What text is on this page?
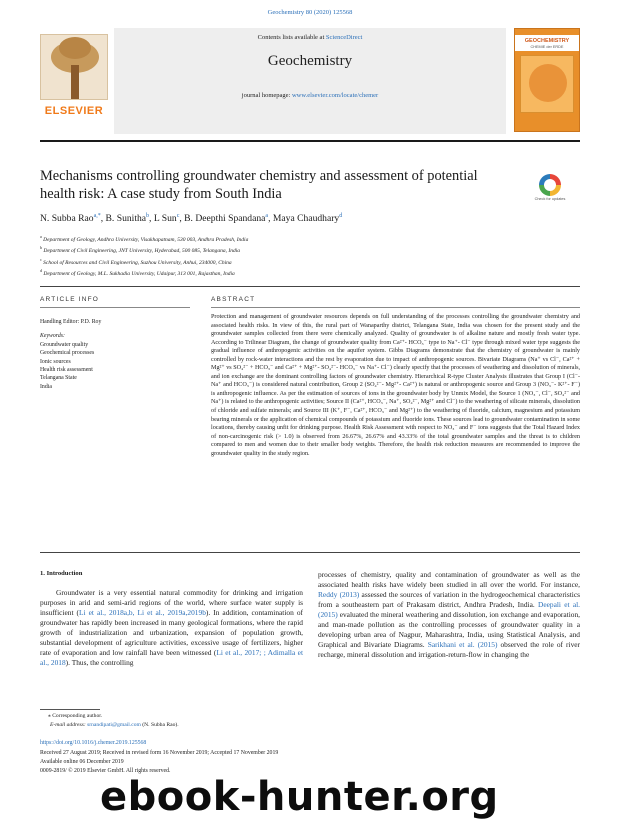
Geochemistry 80 (2020) 125568
ELSEVIER
Contents lists available at ScienceDirect
Geochemistry
journal homepage: www.elsevier.com/locate/chemer
GEOCHEMISTRY
CHEMIE der ERDE
Mechanisms controlling groundwater chemistry and assessment of potential health risk: A case study from South India	Check for updates
N. Subba Rao$^{a,*}$, B. Sunitha$^b$, L Sun$^c$, B. Deepthi Spandana$^a$, Maya Chaudhary$^d$
$^a$ Department of Geology, Andhra University, Visakhapatnam, 530 003, Andhra Pradesh, India
$^b$ Department of Civil Engineering, JNT University, Hyderabad, 500 085, Telangana, India
$^c$ School of Resources and Civil Engineering, Suzhou University, Anhui, 234000, China
$^d$ Department of Geology, M.L. Sukhadia University, Udaipur, 313 001, Rajasthan, India
ARTICLE INFO	ABSTRACT
Handling Editor: P.D. Roy
Keywords:
Groundwater quality
Geochemical processes
Ionic sources
Health risk assessment
Telangana State
India
Protection and management of groundwater resources depends on full understanding of the processes controlling the groundwater chemistry and associated health risks. In view of this, the rural part of Wanaparthy district, Telangana State, India was chosen for the present study and the groundwater samples collected from there were chemically analyzed. Quality of groundwater is of alkaline nature and mostly fresh water type. According to Trilinear Diagram, the change of groundwater quality from Ca²⁺- HCO₃⁻ type to Na⁺- Cl⁻ type through mixed water type suggests the gradual influence of anthropogenic activities on the aquifer system. Gibbs Diagrams demonstrate that the chemistry of groundwater is mainly controlled by rock-water interactions and the rest by evaporation due to impact of anthropogenic sources. Bivariate Diagrams (Na⁺ vs Cl⁻, Ca²⁺ + Mg²⁺ vs SO₄²⁻ + HCO₃⁻ and Ca²⁺ + Mg²⁺- SO₄²⁻- HCO₃⁻ vs Na⁺- Cl⁻) clearly specify that the processes of weathering and dissolution of minerals, and ion exchange are the dominant controlling factors of groundwater chemistry. Hierarchical R-type Cluster Analysis illustrates that Group I (Cl⁻- Na⁺ and HCO₃⁻) is considered natural contribution, Group 2 (SO₄²⁻- Mg²⁺- Ca²⁺) is natural or anthropogenic source and Group 3 (NO₃⁻- K²⁺- F⁻) is anthropogenic influence. As per the estimation of sources of ions in the groundwater body by Unmix Model, the Source 1 (NO₃⁻, Cl⁻, SO₄²⁻ and Na⁺) is related to the anthropogenic activities; Source II (Ca²⁺, HCO₃⁻, Na⁺, SO₄²⁻, Mg²⁺ and Cl⁻) to the weathering of silicate minerals, dissolution of chloride and sulfate minerals; and Source III (K⁺, F⁻, Ca²⁺, HCO₃⁻ and Mg²⁺) to the weathering of fluoride, calcium, magnesium and potassium bearing minerals or the application of chemical compounds of potassium and fluoride ions. These sources lead to groundwater contamination in some locations, thereby causing unfit for drinking purpose. Health Risk Assessment with respect to NO₃⁻ and F⁻ ions suggests that the Total Hazard Index of non-carcinogenic risk (> 1.0) is observed from 26.67%, 26.67% and 43.33% of the total groundwater samples and the threat is to children compared to men and women due to their smaller body weights. Therefore, the health risk reduction measures are recommended to improve the groundwater quality in the study region.
1. Introduction
Groundwater is a very essential natural commodity for drinking and irrigation purposes in arid and semi-arid regions of the world, where surface water supply is insufficient (Li et al., 2018a,b, Li et al., 2019a,2019b). In addition, contamination of groundwater has rapidly been increased in many geological formations, where the rapid growth of industrialization and urbanization, expansion of population growth, substantial development of agriculture activities, excessive usage of fertilizers, higher rate of evaporation and low rainfall have been witnessed (Li et al., 2017; ; Adimalla et al., 2018). Thus, the controlling
processes of chemistry, quality and contamination of groundwater as well as the associated health risks have widely been studied in all over the world. For instance, Reddy (2013) assessed the sources of variation in the hydrogeochemical characteristics from a southeastern part of Prakasam district, Andhra Pradesh, India. Deepali et al. (2015) evaluated the mineral weathering and dissolution, ion exchange and evaporation, and man-made pollution as the controlling processes of groundwater quality in a developing urban area of Nagpur, Maharashtra, India, using Statistical Analysis, and Graphical and Bivariate Diagrams. Sarikhani et al. (2015) observed the role of river recharge, mineral dissolution and irrigation-return-flow in changing the
⁎ Corresponding author.
E-mail address: srnandipati@gmail.com (N. Subba Rao).
https://doi.org/10.1016/j.chemer.2019.125568
Received 27 August 2019; Received in revised form 16 November 2019; Accepted 17 November 2019
Available online 06 December 2019
0009-2819/ © 2019 Elsevier GmbH. All rights reserved.
ebook-hunter.org
